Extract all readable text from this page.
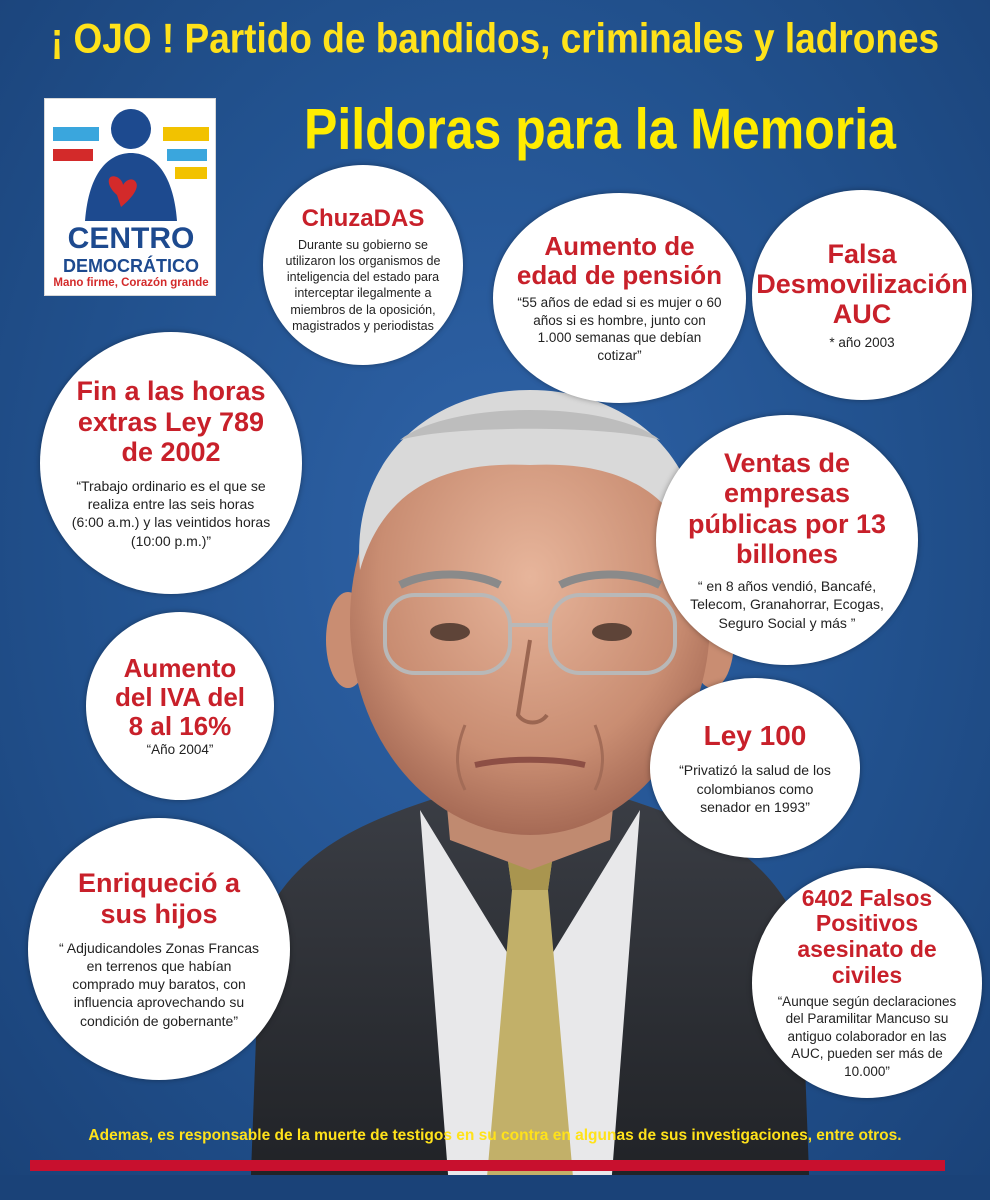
¡ OJO ! Partido de bandidos, criminales y ladrones
Pildoras para la Memoria
CENTRO
DEMOCRÁTICO
Mano firme, Corazón grande
ChuzaDAS
Durante su gobierno se utilizaron los organismos de inteligencia del estado para interceptar ilegalmente a miembros de la oposición, magistrados y periodistas
Aumento de edad de pensión
“55 años de edad si es mujer o 60 años si es hombre, junto con 1.000 semanas que debían cotizar”
Falsa Desmovilización AUC
* año 2003
Fin a las horas extras Ley 789 de 2002
“Trabajo ordinario es el que se realiza entre las seis horas (6:00 a.m.) y las veintidos horas (10:00 p.m.)”
Ventas de empresas públicas por 13 billones
“ en 8 años vendió, Bancafé, Telecom, Granahorrar, Ecogas, Seguro Social y más ”
Aumento del IVA del 8 al 16%
“Año 2004”	Ley 100
“Privatizó la salud de los colombianos como senador en 1993”
Enriqueció a sus hijos
“ Adjudicandoles Zonas Francas en terrenos que habían comprado muy baratos, con influencia aprovechando su condición de gobernante”
6402 Falsos Positivos asesinato de civiles
“Aunque según declaraciones del Paramilitar Mancuso su antiguo colaborador en las AUC, pueden ser más de 10.000”
Ademas, es responsable de la muerte de testigos en su contra en algunas de sus investigaciones, entre otros.
